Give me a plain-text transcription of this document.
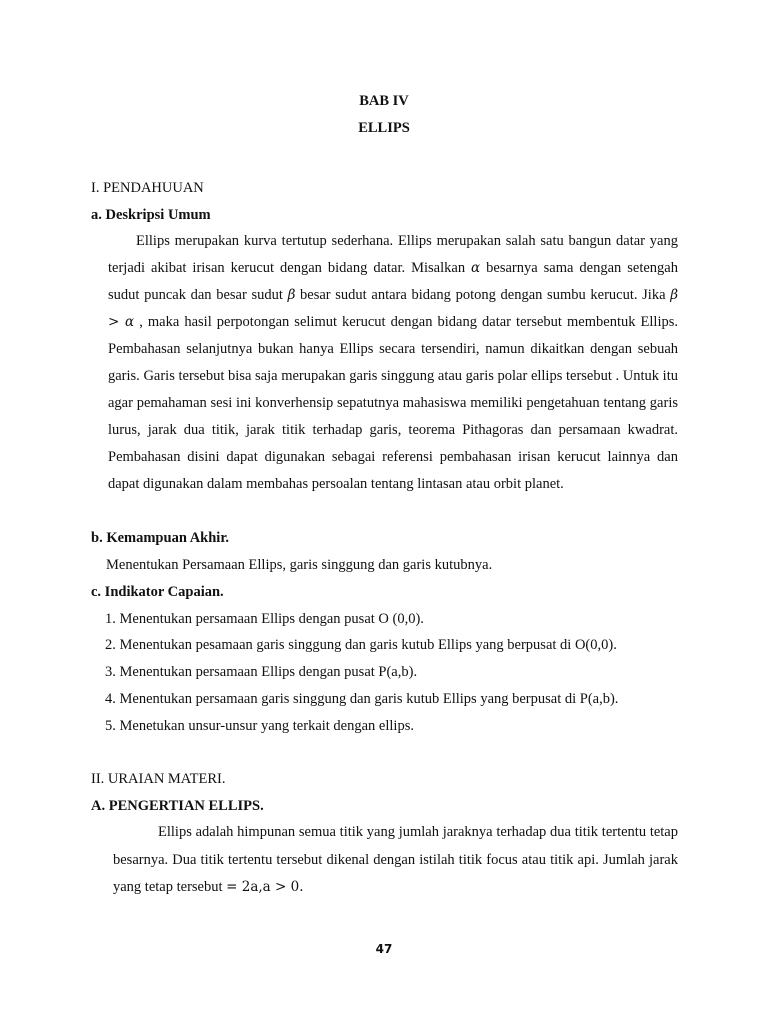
BAB IV
ELLIPS
I. PENDAHUUAN
a. Deskripsi Umum

Ellips merupakan kurva tertutup sederhana. Ellips merupakan salah satu bangun datar yang terjadi akibat irisan kerucut dengan bidang datar. Misalkan α besarnya sama dengan setengah sudut puncak dan besar sudut β besar sudut antara bidang potong dengan sumbu kerucut. Jika β > α , maka hasil perpotongan selimut kerucut dengan bidang datar tersebut membentuk Ellips. Pembahasan selanjutnya bukan hanya Ellips secara tersendiri, namun dikaitkan dengan sebuah garis. Garis tersebut bisa saja merupakan garis singgung atau garis polar ellips tersebut . Untuk itu agar pemahaman sesi ini konverhensip sepatutnya mahasiswa memiliki pengetahuan tentang garis lurus, jarak dua titik, jarak titik terhadap garis, teorema Pithagoras dan persamaan kwadrat. Pembahasan disini dapat digunakan sebagai referensi pembahasan irisan kerucut lainnya dan dapat digunakan dalam membahas persoalan tentang lintasan atau orbit planet.

b. Kemampuan Akhir.
Menentukan Persamaan Ellips, garis singgung dan garis kutubnya.
c. Indikator Capaian.
1. Menentukan persamaan Ellips dengan pusat O (0,0).
2. Menentukan pesamaan garis singgung dan garis kutub Ellips yang berpusat di O(0,0).
3. Menentukan persamaan Ellips dengan pusat P(a,b).
4. Menentukan persamaan garis singgung dan garis kutub Ellips yang berpusat di P(a,b).
5. Menetukan unsur-unsur yang terkait dengan ellips.
II. URAIAN MATERI.
A. PENGERTIAN ELLIPS.

Ellips adalah himpunan semua titik yang jumlah jaraknya terhadap dua titik tertentu tetap besarnya. Dua titik tertentu tersebut dikenal dengan istilah titik focus atau titik api. Jumlah jarak yang tetap tersebut = 2a,a > 0.

47
